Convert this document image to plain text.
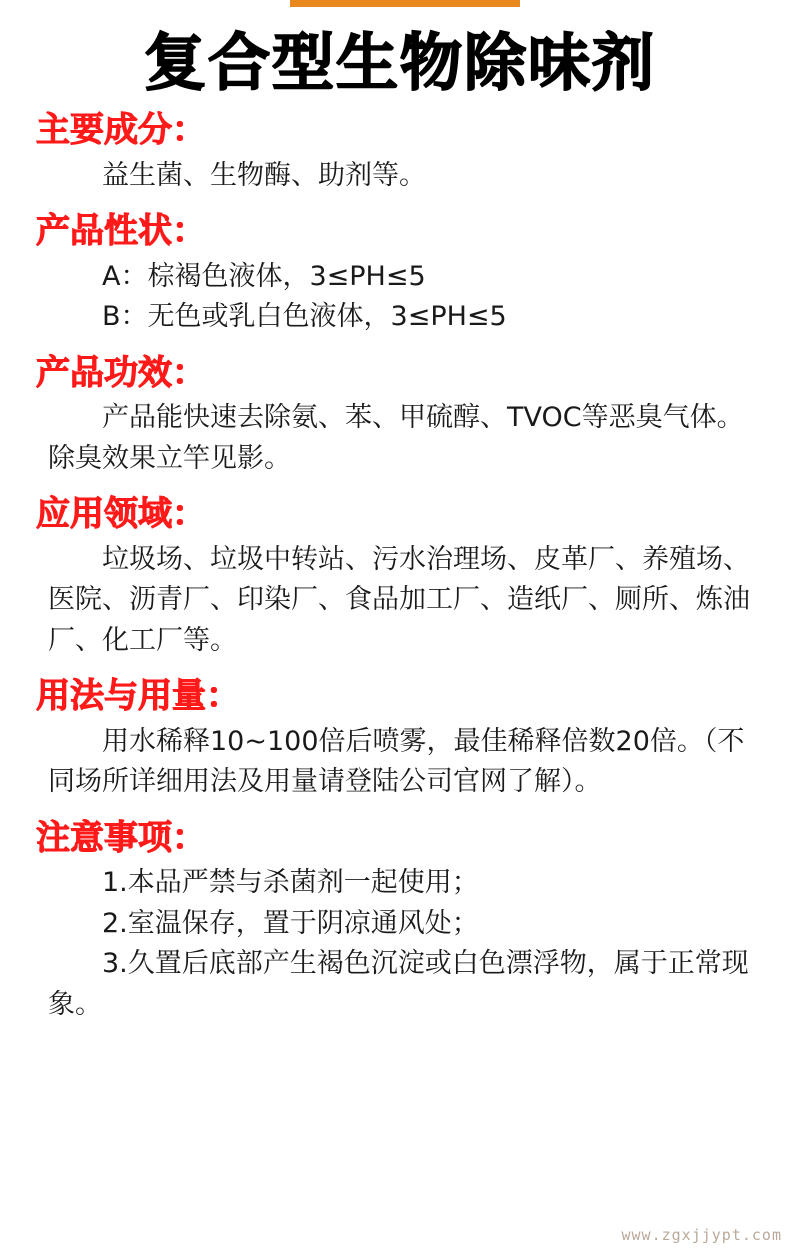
复合型生物除味剂
主要成分：
益生菌、生物酶、助剂等。
产品性状：
A：棕褐色液体，3≤PH≤5
B：无色或乳白色液体，3≤PH≤5
产品功效：
产品能快速去除氨、苯、甲硫醇、TVOC等恶臭气体。除臭效果立竿见影。
应用领域：
垃圾场、垃圾中转站、污水治理场、皮革厂、养殖场、医院、沥青厂、印染厂、食品加工厂、造纸厂、厕所、炼油厂、化工厂等。
用法与用量：
用水稀释10~100倍后喷雾，最佳稀释倍数20倍。（不同场所详细用法及用量请登陆公司官网了解）。
注意事项：
1.本品严禁与杀菌剂一起使用；
2.室温保存，置于阴凉通风处；
3.久置后底部产生褐色沉淀或白色漂浮物，属于正常现象。
www.zgxjjypt.com
